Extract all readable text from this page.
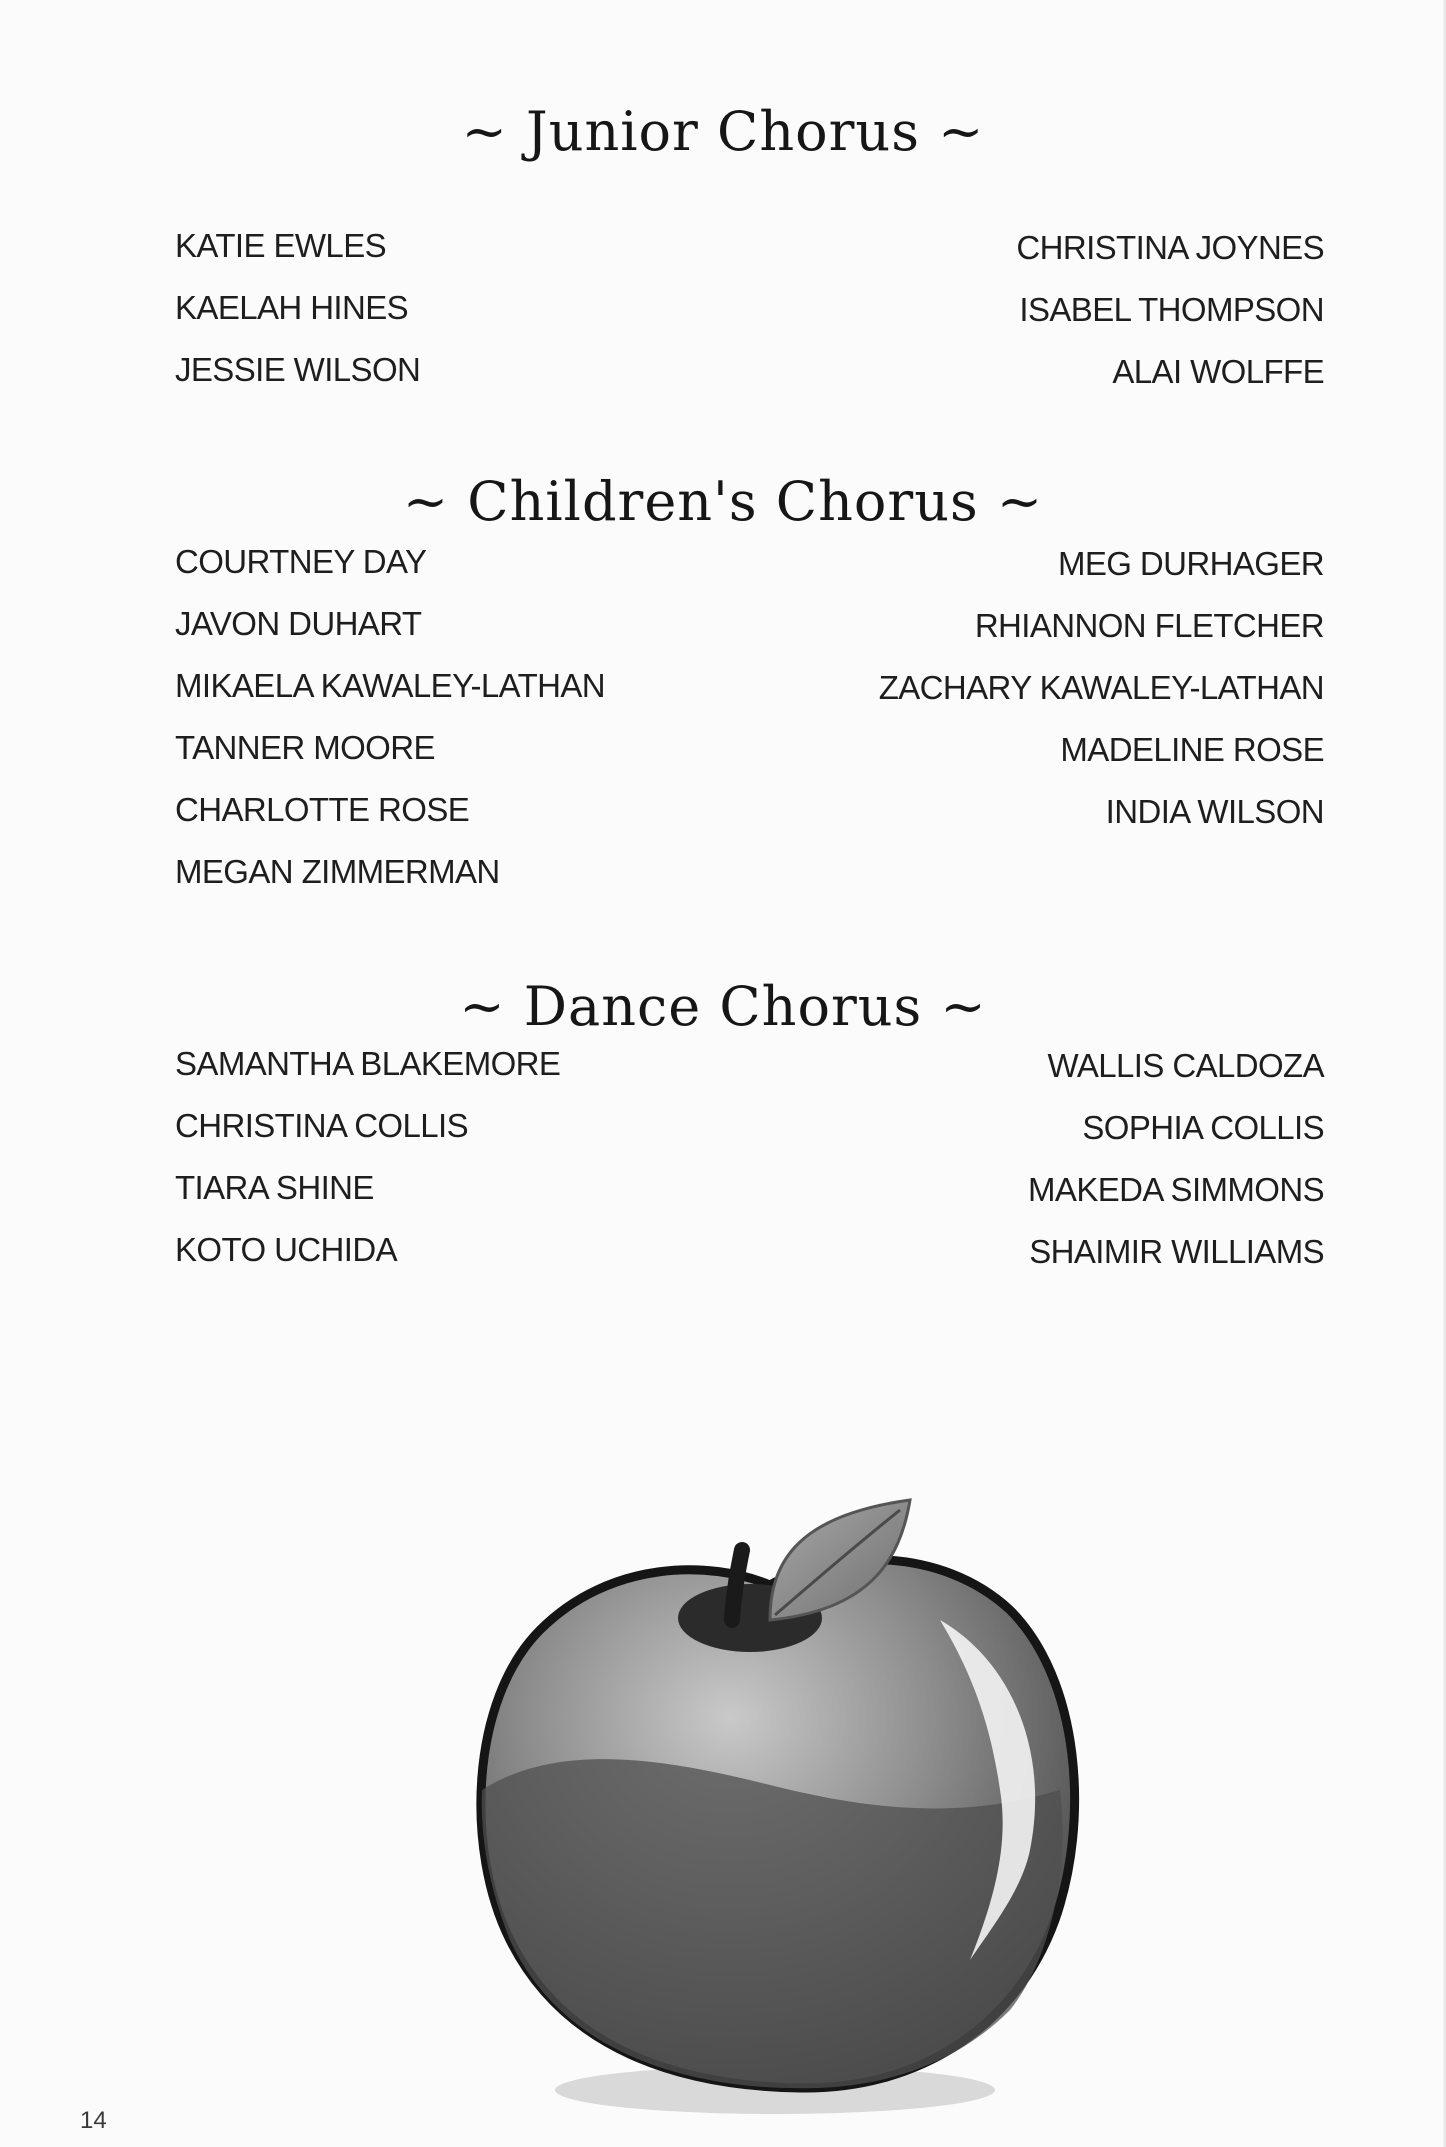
~ Junior Chorus ~
KATIE EWLES
KAELAH HINES
JESSIE WILSON
CHRISTINA JOYNES
ISABEL THOMPSON
ALAI WOLFFE
~ Children's Chorus ~
COURTNEY DAY
JAVON DUHART
MIKAELA KAWALEY-LATHAN
TANNER MOORE
CHARLOTTE ROSE
MEGAN ZIMMERMAN
MEG DURHAGER
RHIANNON FLETCHER
ZACHARY KAWALEY-LATHAN
MADELINE ROSE
INDIA WILSON
~ Dance Chorus ~
SAMANTHA BLAKEMORE
CHRISTINA COLLIS
TIARA SHINE
KOTO UCHIDA
WALLIS CALDOZA
SOPHIA COLLIS
MAKEDA SIMMONS
SHAIMIR WILLIAMS
14
